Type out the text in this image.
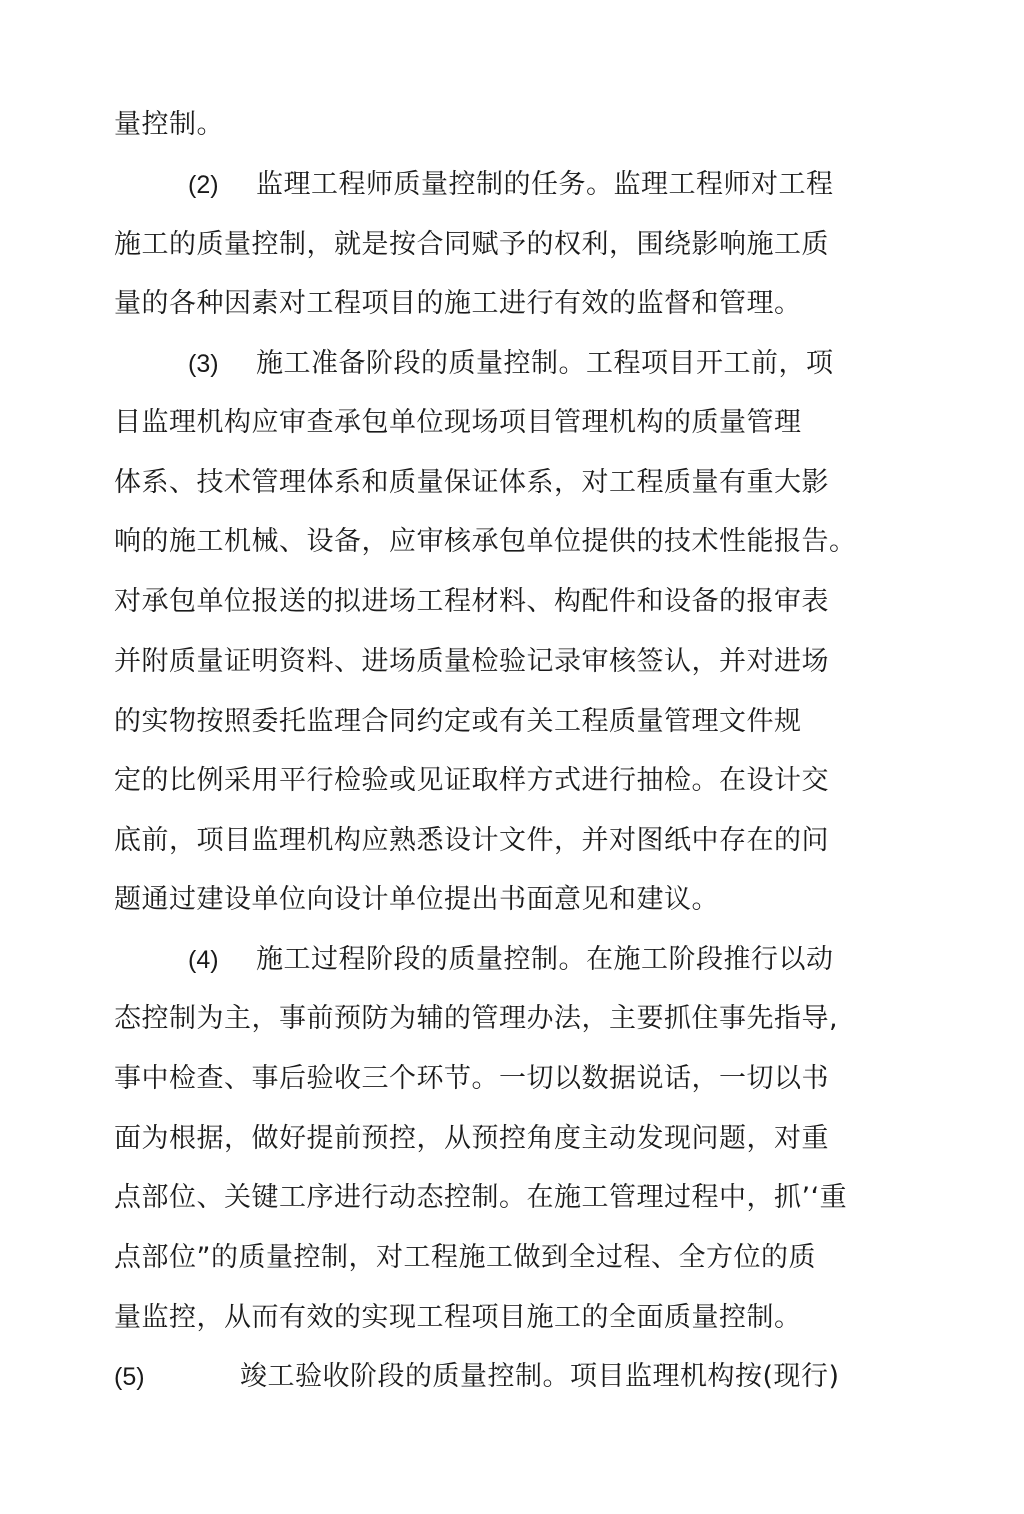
量控制。
(2) 监理工程师质量控制的任务。监理工程师对工程
施工的质量控制，就是按合同赋予的权利，围绕影响施工质
量的各种因素对工程项目的施工进行有效的监督和管理。
(3) 施工准备阶段的质量控制。工程项目开工前，项
目监理机构应审查承包单位现场项目管理机构的质量管理
体系、技术管理体系和质量保证体系，对工程质量有重大影
响的施工机械、设备，应审核承包单位提供的技术性能报告。
对承包单位报送的拟进场工程材料、构配件和设备的报审表
并附质量证明资料、进场质量检验记录审核签认，并对进场
的实物按照委托监理合同约定或有关工程质量管理文件规
定的比例采用平行检验或见证取样方式进行抽检。在设计交
底前，项目监理机构应熟悉设计文件，并对图纸中存在的问
题通过建设单位向设计单位提出书面意见和建议。
(4) 施工过程阶段的质量控制。在施工阶段推行以动
态控制为主，事前预防为辅的管理办法，主要抓住事先指导,
事中检查、事后验收三个环节。一切以数据说话，一切以书
面为根据，做好提前预控，从预控角度主动发现问题，对重
点部位、关键工序进行动态控制。在施工管理过程中，抓’‘重
点部位”的质量控制，对工程施工做到全过程、全方位的质
量监控，从而有效的实现工程项目施工的全面质量控制。
(5)	竣工验收阶段的质量控制。项目监理机构按(现行)
